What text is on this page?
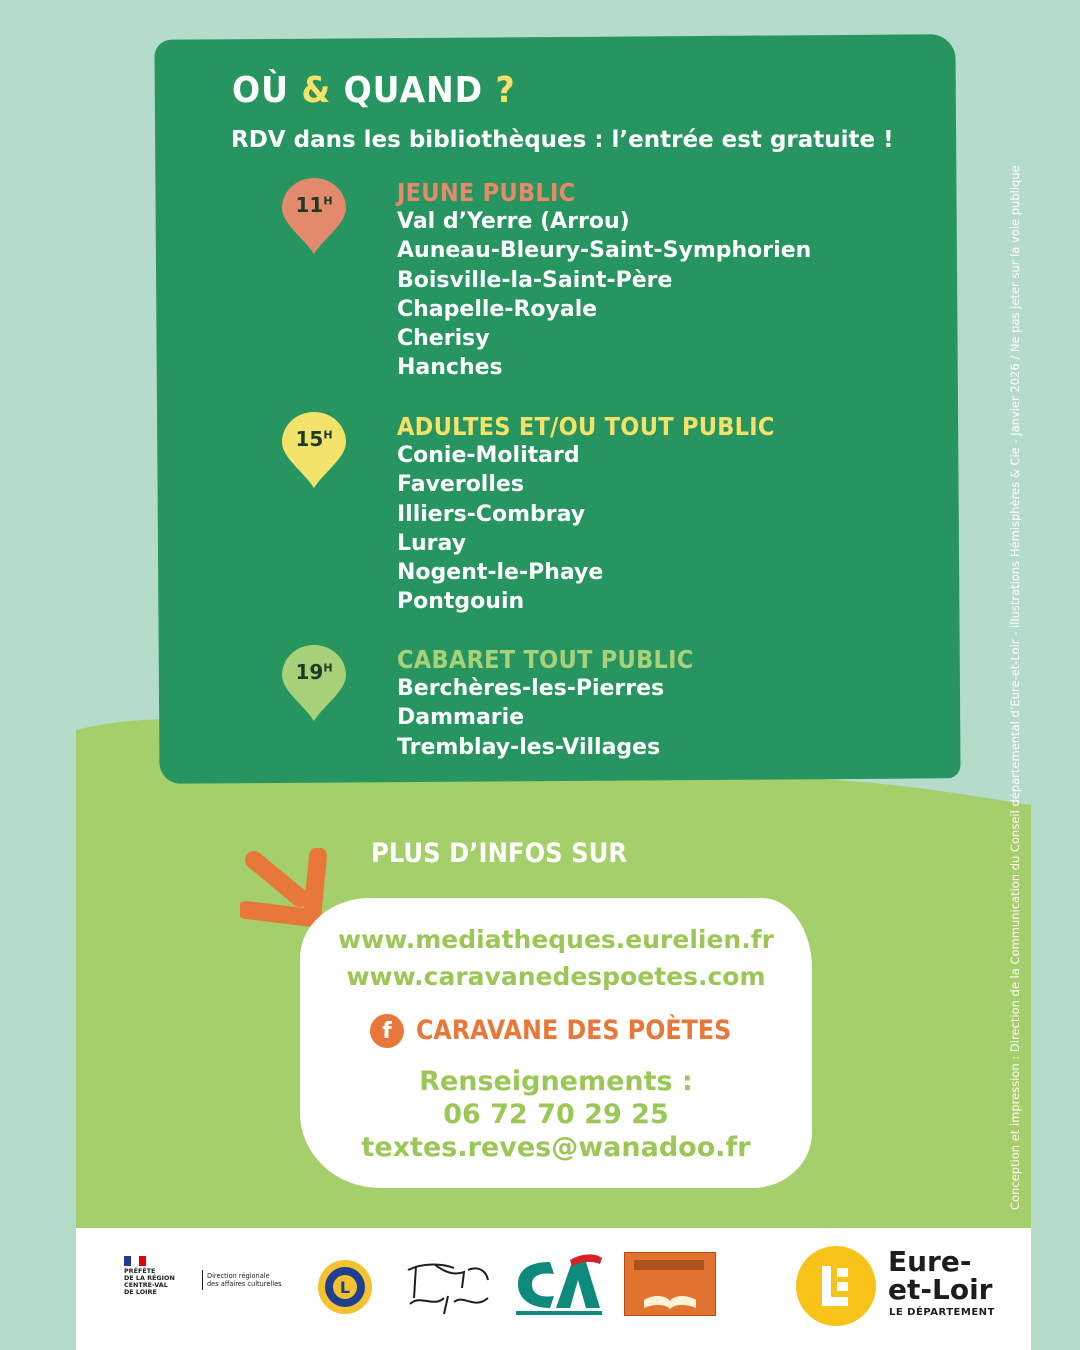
OÙ & QUAND ?
RDV dans les bibliothèques : l’entrée est gratuite !
$11^H$	JEUNE PUBLIC
Val d’Yerre (Arrou)
Auneau-Bleury-Saint-Symphorien
Boisville-la-Saint-Père
Chapelle-Royale
Cherisy
Hanches
$15^H$	ADULTES ET/OU TOUT PUBLIC
Conie-Molitard
Faverolles
Illiers-Combray
Luray
Nogent-le-Phaye
Pontgouin
$19^H$	CABARET TOUT PUBLIC
Berchères-les-Pierres
Dammarie
Tremblay-les-Villages	Conception et impression : Direction de la Communication du Conseil départemental d’Eure-et-Loir - illustrations Hémisphères & Cie - Janvier 2026 / Ne pas jeter sur la voie publique
PLUS D’INFOS SUR
www.mediatheques.eurelien.fr
www.caravanedespoetes.com
f CARAVANE DES POÈTES
Renseignements :
06 72 70 29 25
textes.reves@wanadoo.fr
PRÉFÈTE
DE LA RÉGION
CENTRE-VAL
DE LOIRE
Direction régionale
des affaires culturelles	L
Eure-
et-Loir
LE DÉPARTEMENT
